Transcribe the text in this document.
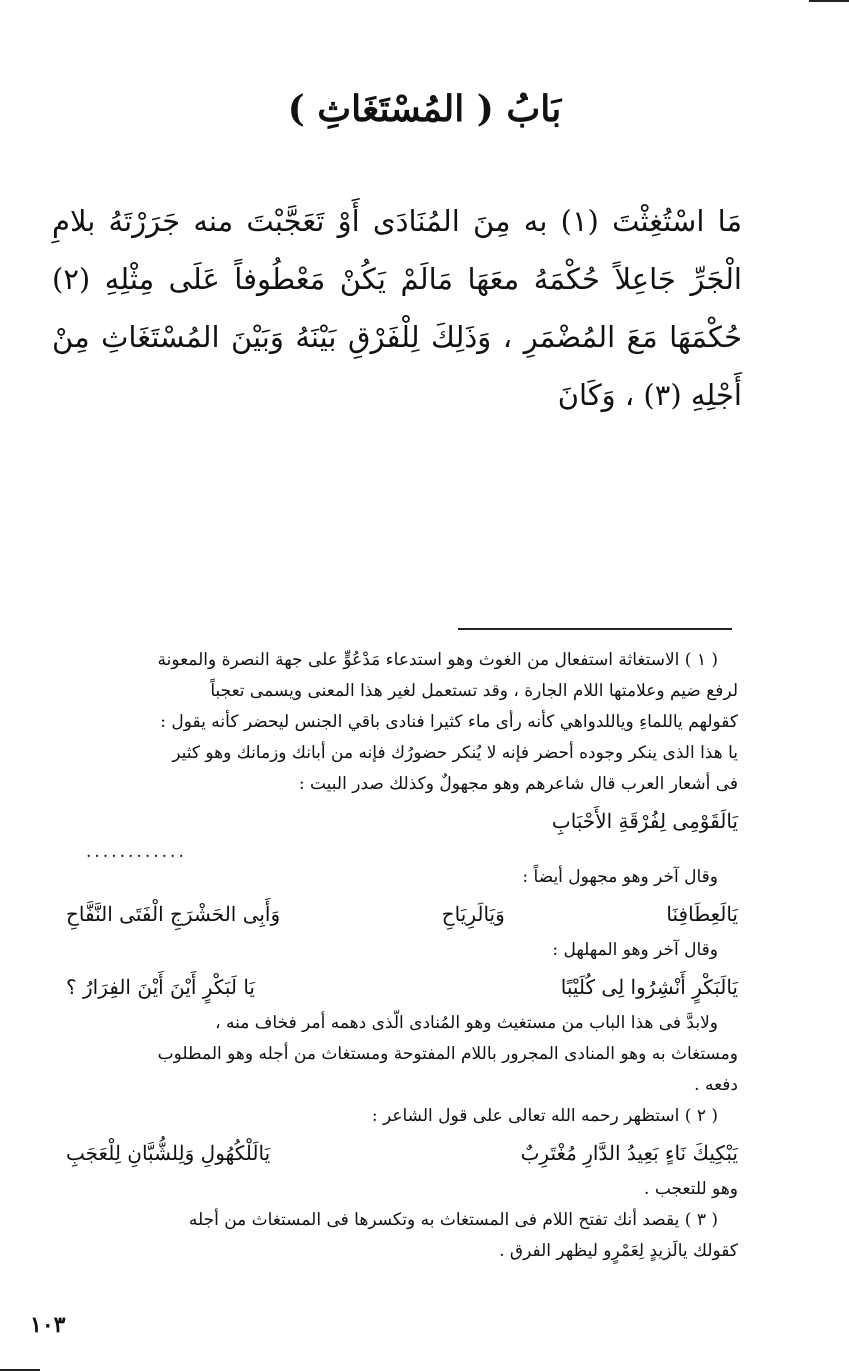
بَابُ ( المُسْتَغَاثِ )

مَا اسْتُغِثْتَ (١) به مِنَ المُنَادَى أَوْ تَعَجَّبْتَ منه جَرَرْتَهُ بلامِ الْجَرِّ جَاعِلاً حُكْمَهُ معَهَا مَالَمْ يَكُنْ مَعْطُوفاً عَلَى مِثْلِهِ (٢) حُكْمَهَا مَعَ المُضْمَرِ ، وَذَلِكَ لِلْفَرْقِ بَيْنَهُ وَبَيْنَ المُسْتَغَاثِ مِنْ أَجْلِهِ (٣) ، وَكَانَ

( ١ ) الاستغاثة استفعال من الغوث وهو استدعاء مَدْعُوٍّ على جهة النصرة والمعونة

لرفع ضيم وعلامتها اللام الجارة ، وقد تستعمل لغير هذا المعنى ويسمى تعجباً

كقولهم ياللماءِ وياللدواهي كأنه رأى ماء كثيرا فنادى باقي الجنس ليحضر كأنه يقول :

يا هذا الذى ينكر وجوده أحضر فإنه لا يُنكر حضورُك فإنه من أبانك وزمانك وهو كثير

فى أشعار العرب قال شاعرهم وهو مجهولٌ وكذلك صدر البيت :

يَالَقَوْمِى لِفُرْقَةِ الأَحْبَابِ

............

وقال آخر وهو مجهول أيضاً :

يَالَعِطَافِنَا
وَيَالَرِيَاحِ
وَأَبِى الحَشْرَجِ الْفَتَى النَّفَّاحِ

وقال آخر وهو المهلهل :

يَالَبَكْرٍ أَنْشِرُوا لِى كُلَيْبًا
يَا لَبَكْرٍ أَيْنَ أَيْنَ الفِرَارُ ؟

ولابدَّ فى هذا الباب من مستغيث وهو المُنادى الّذى دهمه أمر فخاف منه ،

ومستغاث به وهو المنادى المجرور باللام المفتوحة ومستغاث من أجله وهو المطلوب

دفعه .

( ٢ ) استظهر رحمه الله تعالى على قول الشاعر :

يَبْكِيكَ نَاءٍ بَعِيدُ الدَّارِ مُغْتَرِبٌ
يَالَلْكُهُولِ وَلِلشُّبَّانِ لِلْعَجَبِ

وهو للتعجب .

( ٣ ) يقصد أنك تفتح اللام فى المستغاث به وتكسرها فى المستغاث من أجله

كقولك يالَزيدٍ لِعَمْرٍو ليظهر الفرق .

١٠٣
